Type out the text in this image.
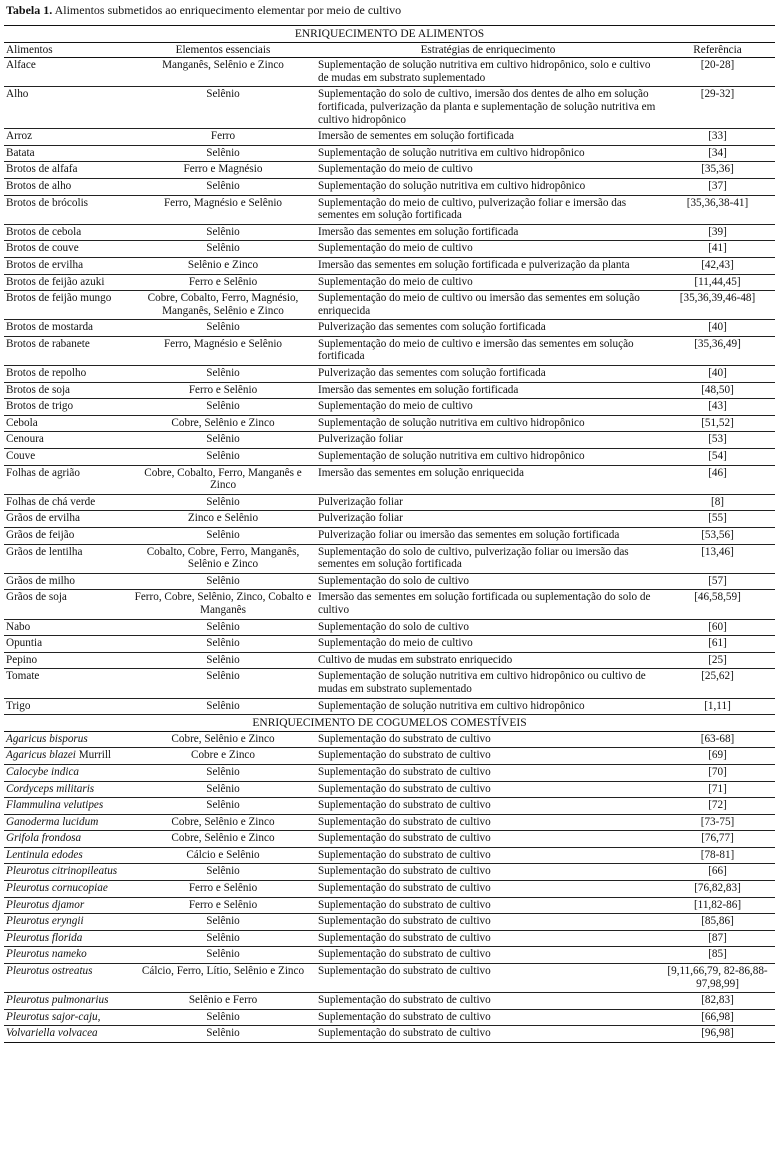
Tabela 1. Alimentos submetidos ao enriquecimento elementar por meio de cultivo
ENRIQUECIMENTO DE ALIMENTOS			
Alimentos	Elementos essenciais	Estratégias de enriquecimento	Referência
Alface	Manganês, Selênio e Zinco	Suplementação de solução nutritiva em cultivo hidropônico, solo e cultivo de mudas em substrato suplementado	[20-28]
Alho	Selênio	Suplementação do solo de cultivo, imersão dos dentes de alho em solução fortificada, pulverização da planta e suplementação de solução nutritiva em cultivo hidropônico	[29-32]
Arroz	Ferro	Imersão de sementes em solução fortificada	[33]
Batata	Selênio	Suplementação de solução nutritiva em cultivo hidropônico	[34]
Brotos de alfafa	Ferro e Magnésio	Suplementação do meio de cultivo	[35,36]
Brotos de alho	Selênio	Suplementação do solução nutritiva em cultivo hidropônico	[37]
Brotos de brócolis	Ferro, Magnésio e Selênio	Suplementação do meio de cultivo, pulverização foliar e imersão das sementes em solução fortificada	[35,36,38-41]
Brotos de cebola	Selênio	Imersão das sementes em solução fortificada	[39]
Brotos de couve	Selênio	Suplementação do meio de cultivo	[41]
Brotos de ervilha	Selênio e Zinco	Imersão das sementes em solução fortificada e pulverização da planta	[42,43]
Brotos de feijão azuki	Ferro e Selênio	Suplementação do meio de cultivo	[11,44,45]
Brotos de feijão mungo	Cobre, Cobalto, Ferro, Magnésio, Manganês, Selênio e Zinco	Suplementação do meio de cultivo ou imersão das sementes em solução enriquecida	[35,36,39,46-48]
Brotos de mostarda	Selênio	Pulverização das sementes com solução fortificada	[40]
Brotos de rabanete	Ferro, Magnésio e Selênio	Suplementação do meio de cultivo e imersão das sementes em solução fortificada	[35,36,49]
Brotos de repolho	Selênio	Pulverização das sementes com solução fortificada	[40]
Brotos de soja	Ferro e Selênio	Imersão das sementes em solução fortificada	[48,50]
Brotos de trigo	Selênio	Suplementação do meio de cultivo	[43]
Cebola	Cobre, Selênio e Zinco	Suplementação de solução nutritiva em cultivo hidropônico	[51,52]
Cenoura	Selênio	Pulverização foliar	[53]
Couve	Selênio	Suplementação de solução nutritiva em cultivo hidropônico	[54]
Folhas de agrião	Cobre, Cobalto, Ferro, Manganês e Zinco	Imersão das sementes em solução enriquecida	[46]
Folhas de chá verde	Selênio	Pulverização foliar	[8]
Grãos de ervilha	Zinco e Selênio	Pulverização foliar	[55]
Grãos de feijão	Selênio	Pulverização foliar ou imersão das sementes em solução fortificada	[53,56]
Grãos de lentilha	Cobalto, Cobre, Ferro, Manganês, Selênio e Zinco	Suplementação do solo de cultivo, pulverização foliar ou imersão das sementes em solução fortificada	[13,46]
Grãos de milho	Selênio	Suplementação do solo de cultivo	[57]
Grãos de soja	Ferro, Cobre, Selênio, Zinco, Cobalto e Manganês	Imersão das sementes em solução fortificada ou suplementação do solo de cultivo	[46,58,59]
Nabo	Selênio	Suplementação do solo de cultivo	[60]
Opuntia	Selênio	Suplementação do meio de cultivo	[61]
Pepino	Selênio	Cultivo de mudas em substrato enriquecido	[25]
Tomate	Selênio	Suplementação de solução nutritiva em cultivo hidropônico ou cultivo de mudas em substrato suplementado	[25,62]
Trigo	Selênio	Suplementação de solução nutritiva em cultivo hidropônico	[1,11]
ENRIQUECIMENTO DE COGUMELOS COMESTÍVEIS			
Agaricus bisporus	Cobre, Selênio e Zinco	Suplementação do substrato de cultivo	[63-68]
Agaricus blazei Murrill	Cobre e Zinco	Suplementação do substrato de cultivo	[69]
Calocybe indica	Selênio	Suplementação do substrato de cultivo	[70]
Cordyceps militaris	Selênio	Suplementação do substrato de cultivo	[71]
Flammulina velutipes	Selênio	Suplementação do substrato de cultivo	[72]
Ganoderma lucidum	Cobre, Selênio e Zinco	Suplementação do substrato de cultivo	[73-75]
Grifola frondosa	Cobre, Selênio e Zinco	Suplementação do substrato de cultivo	[76,77]
Lentinula edodes	Cálcio e Selênio	Suplementação do substrato de cultivo	[78-81]
Pleurotus citrinopileatus	Selênio	Suplementação do substrato de cultivo	[66]
Pleurotus cornucopiae	Ferro e Selênio	Suplementação do substrato de cultivo	[76,82,83]
Pleurotus djamor	Ferro e Selênio	Suplementação do substrato de cultivo	[11,82-86]
Pleurotus eryngii	Selênio	Suplementação do substrato de cultivo	[85,86]
Pleurotus florida	Selênio	Suplementação do substrato de cultivo	[87]
Pleurotus nameko	Selênio	Suplementação do substrato de cultivo	[85]
Pleurotus ostreatus	Cálcio, Ferro, Lítio, Selênio e Zinco	Suplementação do substrato de cultivo	[9,11,66,79, 82-86,88-97,98,99]
Pleurotus pulmonarius	Selênio e Ferro	Suplementação do substrato de cultivo	[82,83]
Pleurotus sajor-caju,	Selênio	Suplementação do substrato de cultivo	[66,98]
Volvariella volvacea	Selênio	Suplementação do substrato de cultivo	[96,98]
